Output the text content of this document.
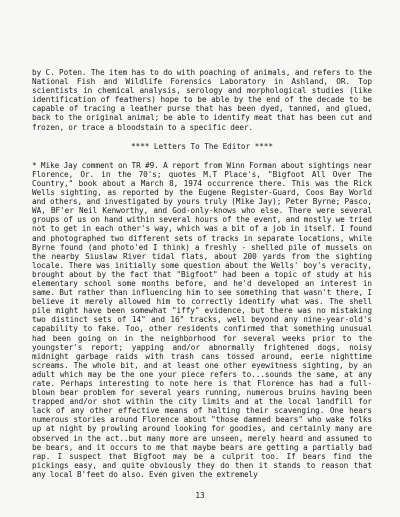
by C. Poten. The item has to do with poaching of animals, and refers to the National Fish and Wildlife Forensics Laboratory in Ashland, OR. Top scientists in chemical analysis, serology and morphological studies (like identification of feathers) hope to be able by the end of the decade to be capable of tracing a leather purse that has been dyed, tanned, and glued, back to the original animal; be able to identify meat that has been cut and frozen, or trace a bloodstain to a specific deer.

**** Letters To The Editor ****

* Mike Jay comment on TR #9. A report from Winn Forman about sightings near Florence, Or. in the 70's; quotes M.T Place's, "Bigfoot All Over The Country," book about a March 8, 1974 occurrence there. This was the Rick Wells sighting, as reported by the Eugene Register-Guard, Coos Bay World and others, and investigated by yours truly (Mike Jay); Peter Byrne; Pasco, WA, BF'er Neil Kenworthy, and God-only-knows who else. There were several groups of us on hand within several hours of the event, and mostly we tried not to get in each other's way, which was a bit of a job in itself. I found and photographed two different sets of tracks in separate locations, while Byrne found (and photo'ed I think) a freshly - shelled pile of mussels on the nearby Siuslaw River tidal flats, about 200 yards from the sighting locale. There was initially some question about the Wells' boy's veracity, brought about by the fact that "Bigfoot" had been a topic of study at his elementary school some months before, and he'd developed an interest in same. But rather than influencing him to see something that wasn't there, I believe it merely allowed him to correctly identify what was. The shell pile might have been somewhat "iffy" evidence, but there was no mistaking two distinct sets of 14" and 16" tracks, well beyond any nine-year-old's capability to fake. Too, other residents confirmed that something unusual had been going on in the neighborhood for several weeks prior to the youngster's report; yapping and/or abnormally frightened dogs, noisy midnight garbage raids with trash cans tossed around, eerie nighttime screams. The whole bit, and at least one other eyewitness sighting, by an adult which may be the one your piece refers to...sounds the same, at any rate. Perhaps interesting to note here is that Florence has had a full-blown bear problem for several years running, numerous bruins having been trapped and/or shot within the city limits and at the local landfill for lack of any other effective means of halting their scavenging. One hears numerous stories around Florence about "those damned bears" who wake folks up at night by prowling around looking for goodies, and certainly many are observed in the act..but many more are unseen, merely heard and assumed to be bears, and it occurs to me that maybe bears are getting a partially bad rap. I suspect that Bigfoot may be a culprit too. If bears find the pickings easy, and quite obviously they do then it stands to reason that any local B'feet do also. Even given the extremely

13
